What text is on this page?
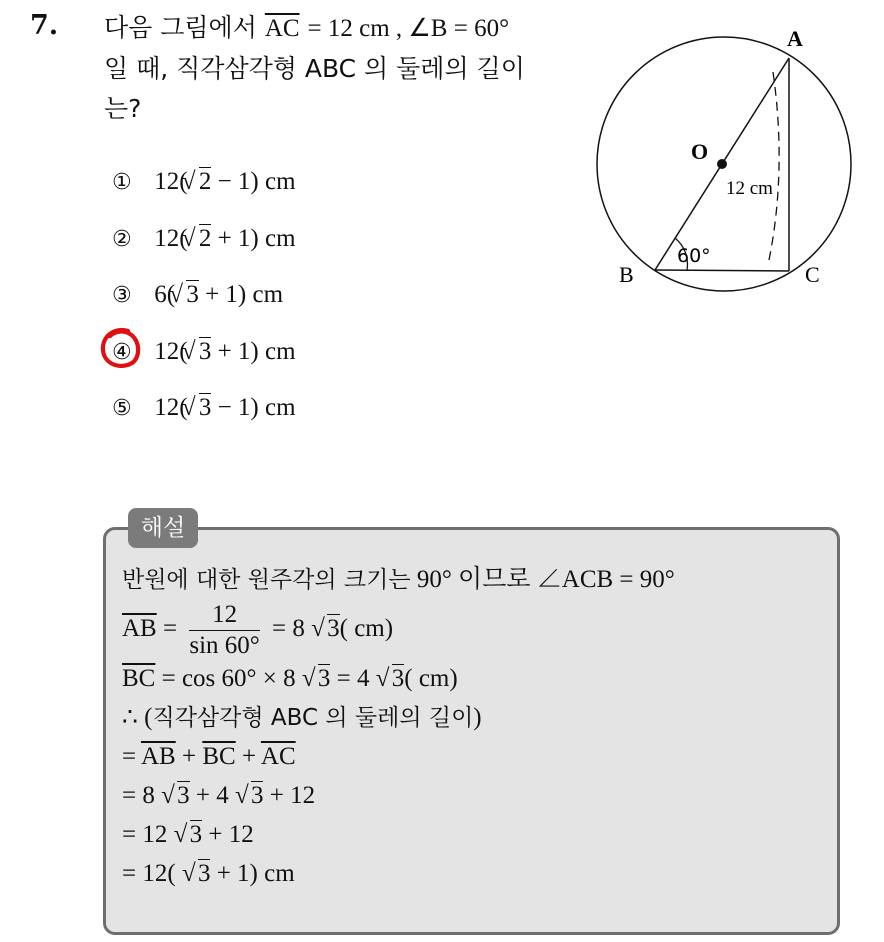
7. 다음 그림에서 $\overline{AC} = 12$ cm , ∠B = 60°
일 때, 직각삼각형 ABC 의 둘레의 길이
는?
① 12( √ 2 − 1) cm
② 12( √ 2 + 1) cm
③ 6( √ 3 + 1) cm
④ 12( √ 3 + 1) cm
⑤ 12( √ 3 − 1) cm
A
B	C
O
12 cm
60°
해설
반원에 대한 원주각의 크기는 90° 이므로 ∠ACB = 90°
$\overline{AB} = \frac{12}{\sin 60^\circ} = 8$ √ 3( cm)
$\overline{BC} = \cos 60^\circ \times 8$ √ 3 = 4 √ 3( cm)
∴ (직각삼각형 ABC 의 둘레의 길이)
= $\overline{AB} + \overline{BC} + \overline{AC}$
= 8 √ 3 + 4 √ 3 + 12
= 12 √ 3 + 12
= 12( √ 3 + 1) cm
